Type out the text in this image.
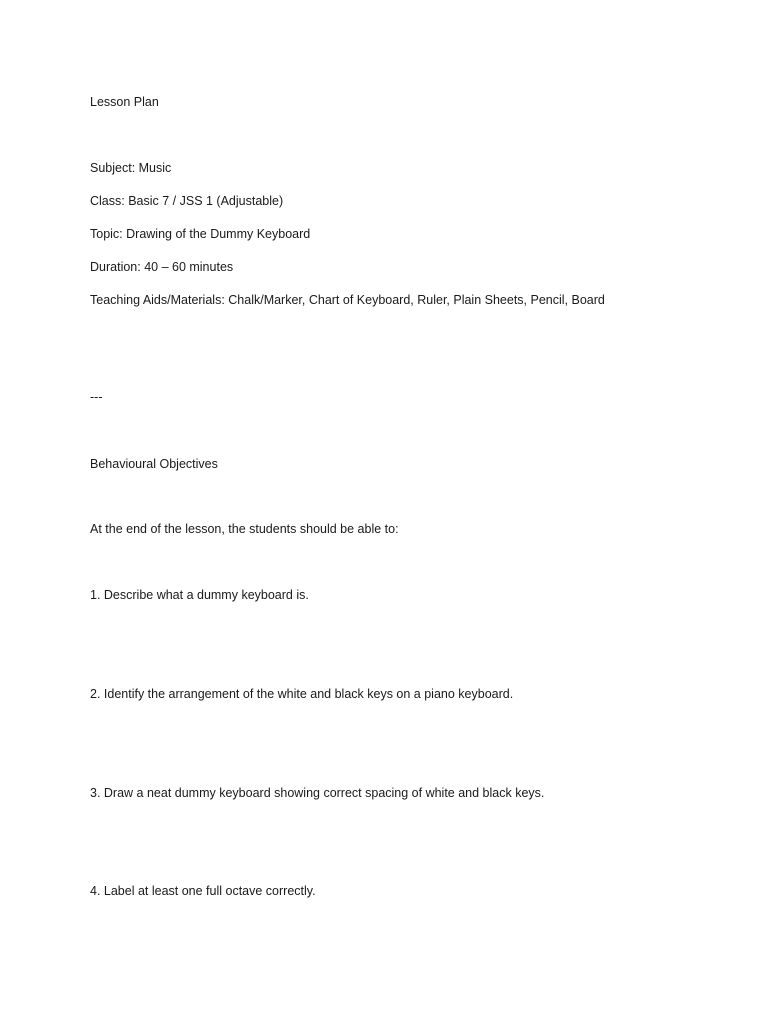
Lesson Plan

Subject: Music

Class: Basic 7 / JSS 1 (Adjustable)

Topic: Drawing of the Dummy Keyboard

Duration: 40 – 60 minutes

Teaching Aids/Materials: Chalk/Marker, Chart of Keyboard, Ruler, Plain Sheets, Pencil, Board

---

Behavioural Objectives

At the end of the lesson, the students should be able to:

1. Describe what a dummy keyboard is.

2. Identify the arrangement of the white and black keys on a piano keyboard.

3. Draw a neat dummy keyboard showing correct spacing of white and black keys.

4. Label at least one full octave correctly.
